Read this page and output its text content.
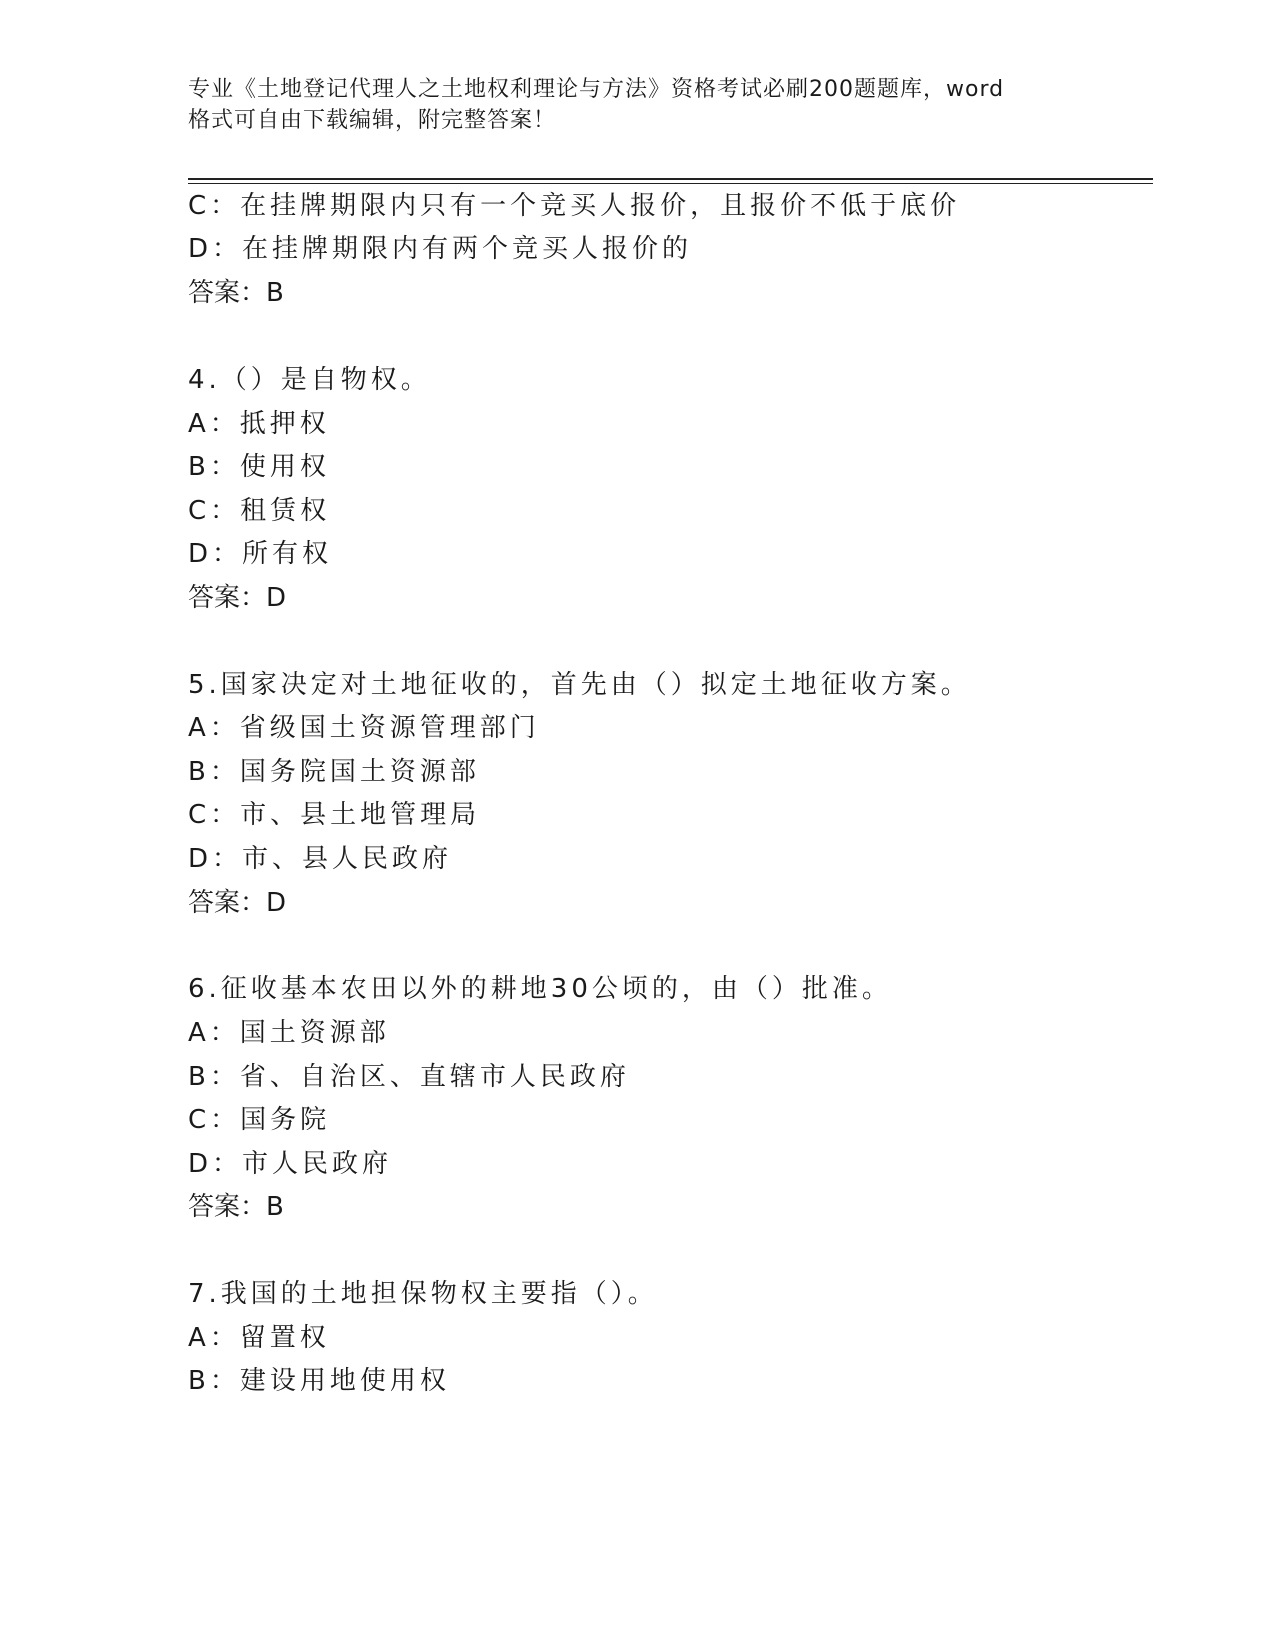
专业《土地登记代理人之土地权利理论与方法》资格考试必刷200题题库，word
格式可自由下载编辑，附完整答案！
C：在挂牌期限内只有一个竞买人报价，且报价不低于底价
D：在挂牌期限内有两个竞买人报价的
答案：B
4.（）是自物权。
A：抵押权
B：使用权
C：租赁权
D：所有权
答案：D
5.国家决定对土地征收的，首先由（）拟定土地征收方案。
A：省级国土资源管理部门
B：国务院国土资源部
C：市、县土地管理局
D：市、县人民政府
答案：D
6.征收基本农田以外的耕地30公顷的，由（）批准。
A：国土资源部
B：省、自治区、直辖市人民政府
C：国务院
D：市人民政府
答案：B
7.我国的土地担保物权主要指（）。
A：留置权
B：建设用地使用权
